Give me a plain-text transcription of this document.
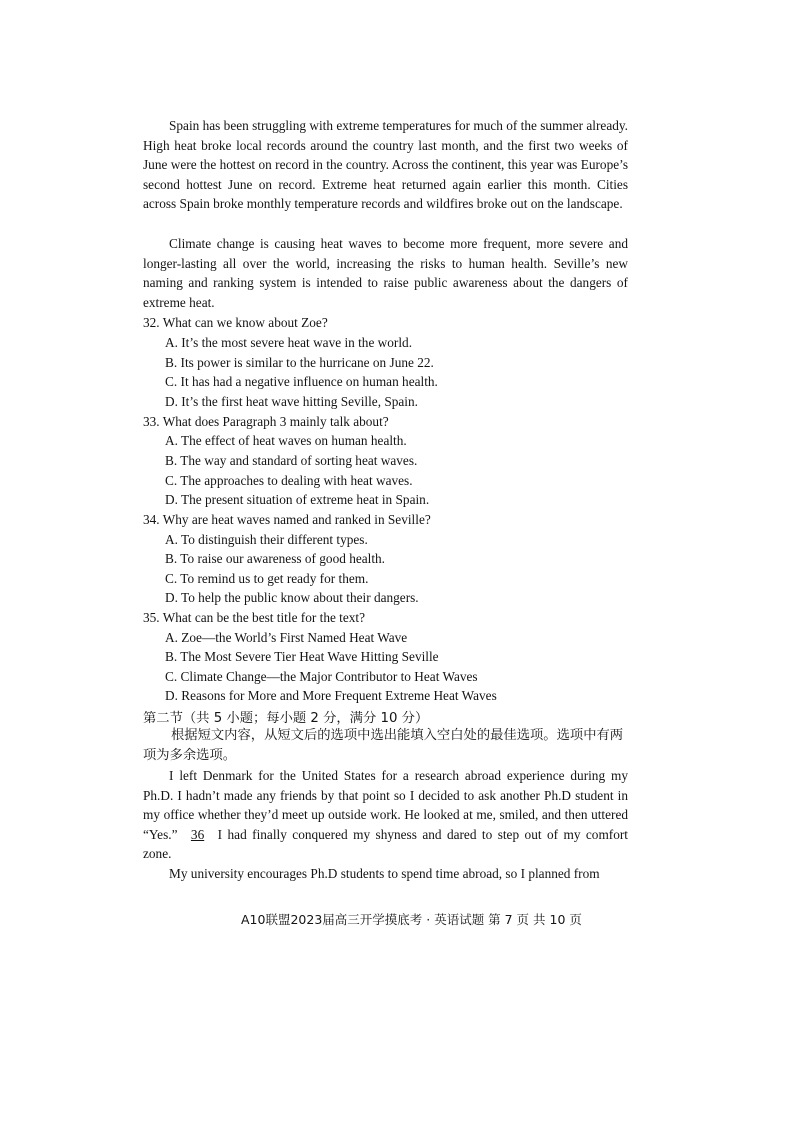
Spain has been struggling with extreme temperatures for much of the summer already. High heat broke local records around the country last month, and the first two weeks of June were the hottest on record in the country. Across the continent, this year was Europe’s second hottest June on record. Extreme heat returned again earlier this month. Cities across Spain broke monthly temperature records and wildfires broke out on the landscape.

Climate change is causing heat waves to become more frequent, more severe and longer-lasting all over the world, increasing the risks to human health. Seville’s new naming and ranking system is intended to raise public awareness about the dangers of extreme heat.

32. What can we know about Zoe?

A. It’s the most severe heat wave in the world.

B. Its power is similar to the hurricane on June 22.

C. It has had a negative influence on human health.

D. It’s the first heat wave hitting Seville, Spain.

33. What does Paragraph 3 mainly talk about?

A. The effect of heat waves on human health.

B. The way and standard of sorting heat waves.

C. The approaches to dealing with heat waves.

D. The present situation of extreme heat in Spain.

34. Why are heat waves named and ranked in Seville?

A. To distinguish their different types.

B. To raise our awareness of good health.

C. To remind us to get ready for them.

D. To help the public know about their dangers.

35. What can be the best title for the text?

A. Zoe—the World’s First Named Heat Wave

B. The Most Severe Tier Heat Wave Hitting Seville

C. Climate Change—the Major Contributor to Heat Waves

D. Reasons for More and More Frequent Extreme Heat Waves

第二节（共 5 小题；每小题 2 分，满分 10 分）

根据短文内容，从短文后的选项中选出能填入空白处的最佳选项。选项中有两项为多余选项。

I left Denmark for the United States for a research abroad experience during my Ph.D. I hadn’t made any friends by that point so I decided to ask another Ph.D student in my office whether they’d meet up outside work. He looked at me, smiled, and then uttered “Yes.” 36 I had finally conquered my shyness and dared to step out of my comfort zone.

My university encourages Ph.D students to spend time abroad, so I planned from

A10联盟2023届高三开学摸底考 · 英语试题 第 7 页 共 10 页
